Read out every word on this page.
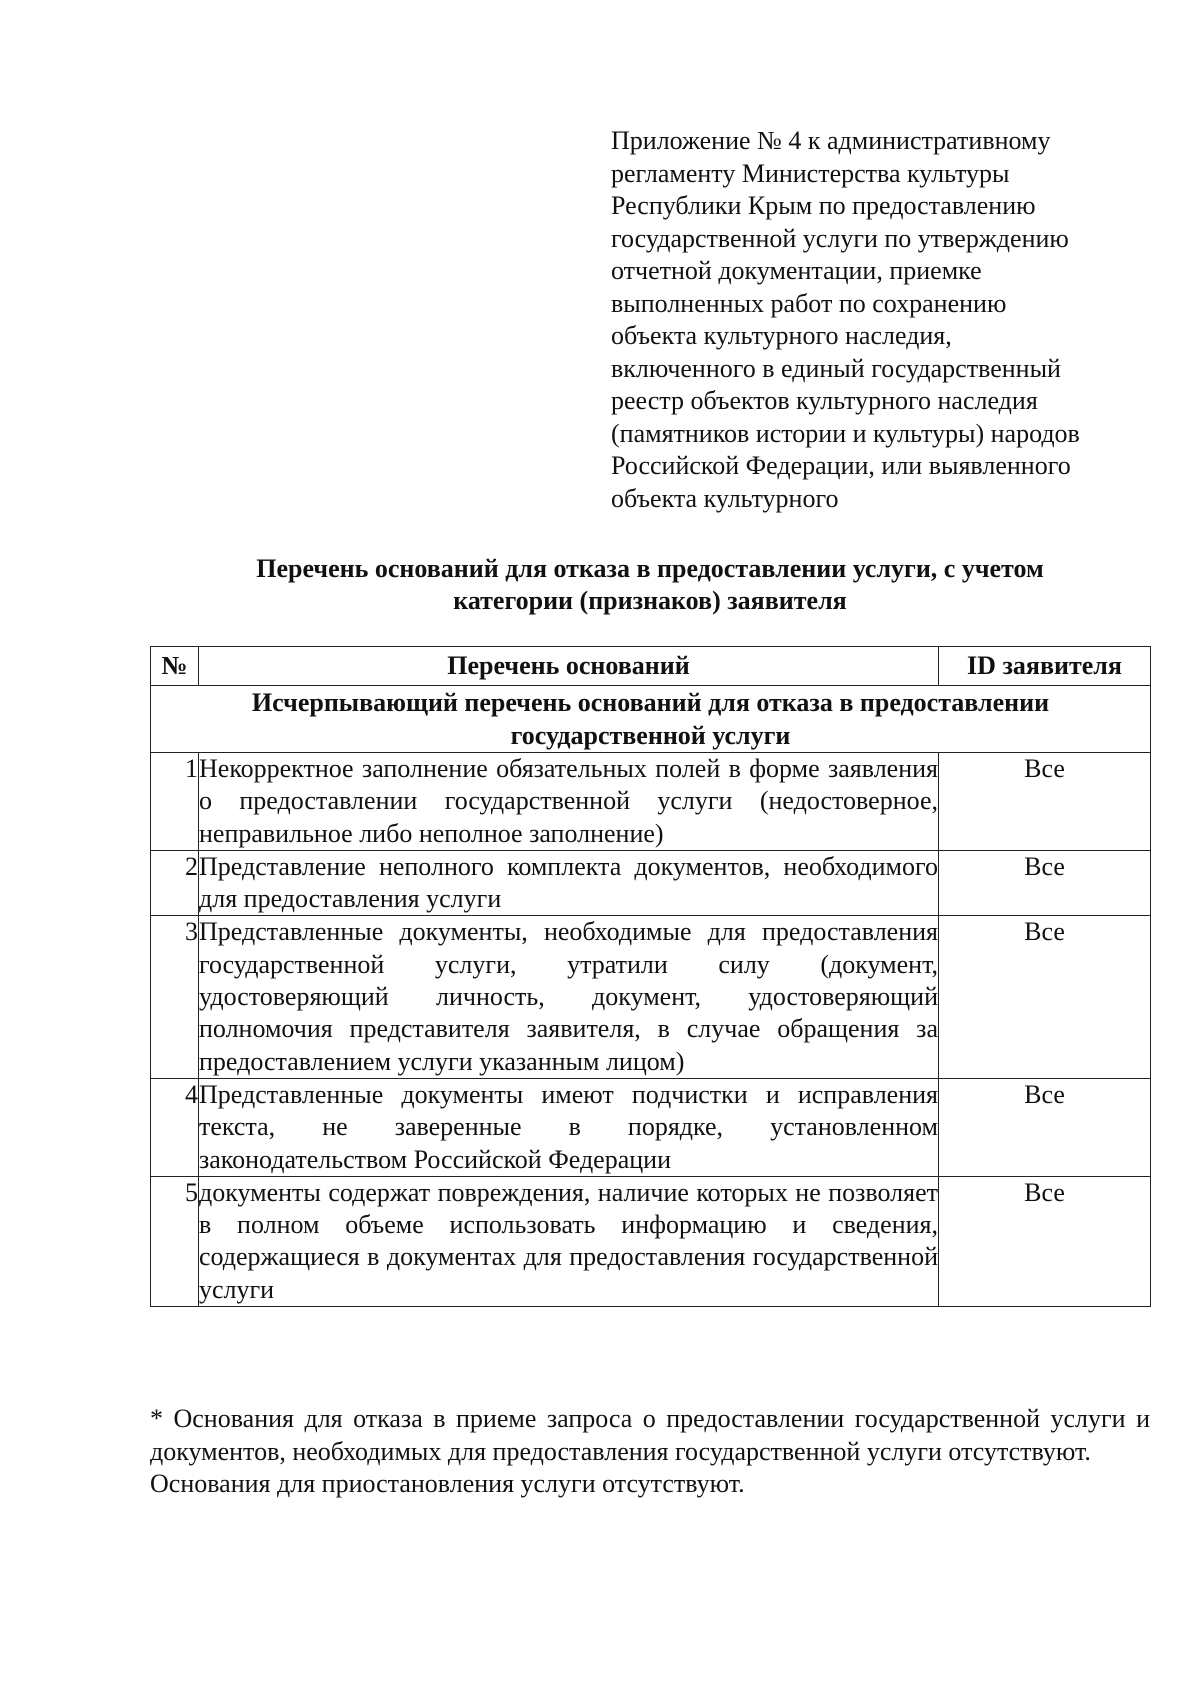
Приложение № 4 к административному
регламенту Министерства культуры
Республики Крым по предоставлению
государственной услуги по утверждению
отчетной документации, приемке
выполненных работ по сохранению
объекта культурного наследия,
включенного в единый государственный
реестр объектов культурного наследия
(памятников истории и культуры) народов
Российской Федерации, или выявленного
объекта культурного

Перечень оснований для отказа в предоставлении услуги, с учетом
категории (признаков) заявителя

№	Перечень оснований	ID заявителя
Исчерпывающий перечень оснований для отказа в предоставлении
государственной услуги		
1	Некорректное заполнение обязательных полей в форме заявления о предоставлении государственной услуги (недостоверное, неправильное либо неполное заполнение)	Все
2	Представление неполного комплекта документов, необходимого для предоставления услуги	Все
3	Представленные документы, необходимые для предоставления государственной услуги, утратили силу (документ, удостоверяющий личность, документ, удостоверяющий полномочия представителя заявителя, в случае обращения за предоставлением услуги указанным лицом)	Все
4	Представленные документы имеют подчистки и исправления текста, не заверенные в порядке, установленном законодательством Российской Федерации	Все
5	документы содержат повреждения, наличие которых не позволяет в полном объеме использовать информацию и сведения, содержащиеся в документах для предоставления государственной услуги	Все

* Основания для отказа в приеме запроса о предоставлении государственной услуги и документов, необходимых для предоставления государственной услуги отсутствуют.

Основания для приостановления услуги отсутствуют.
